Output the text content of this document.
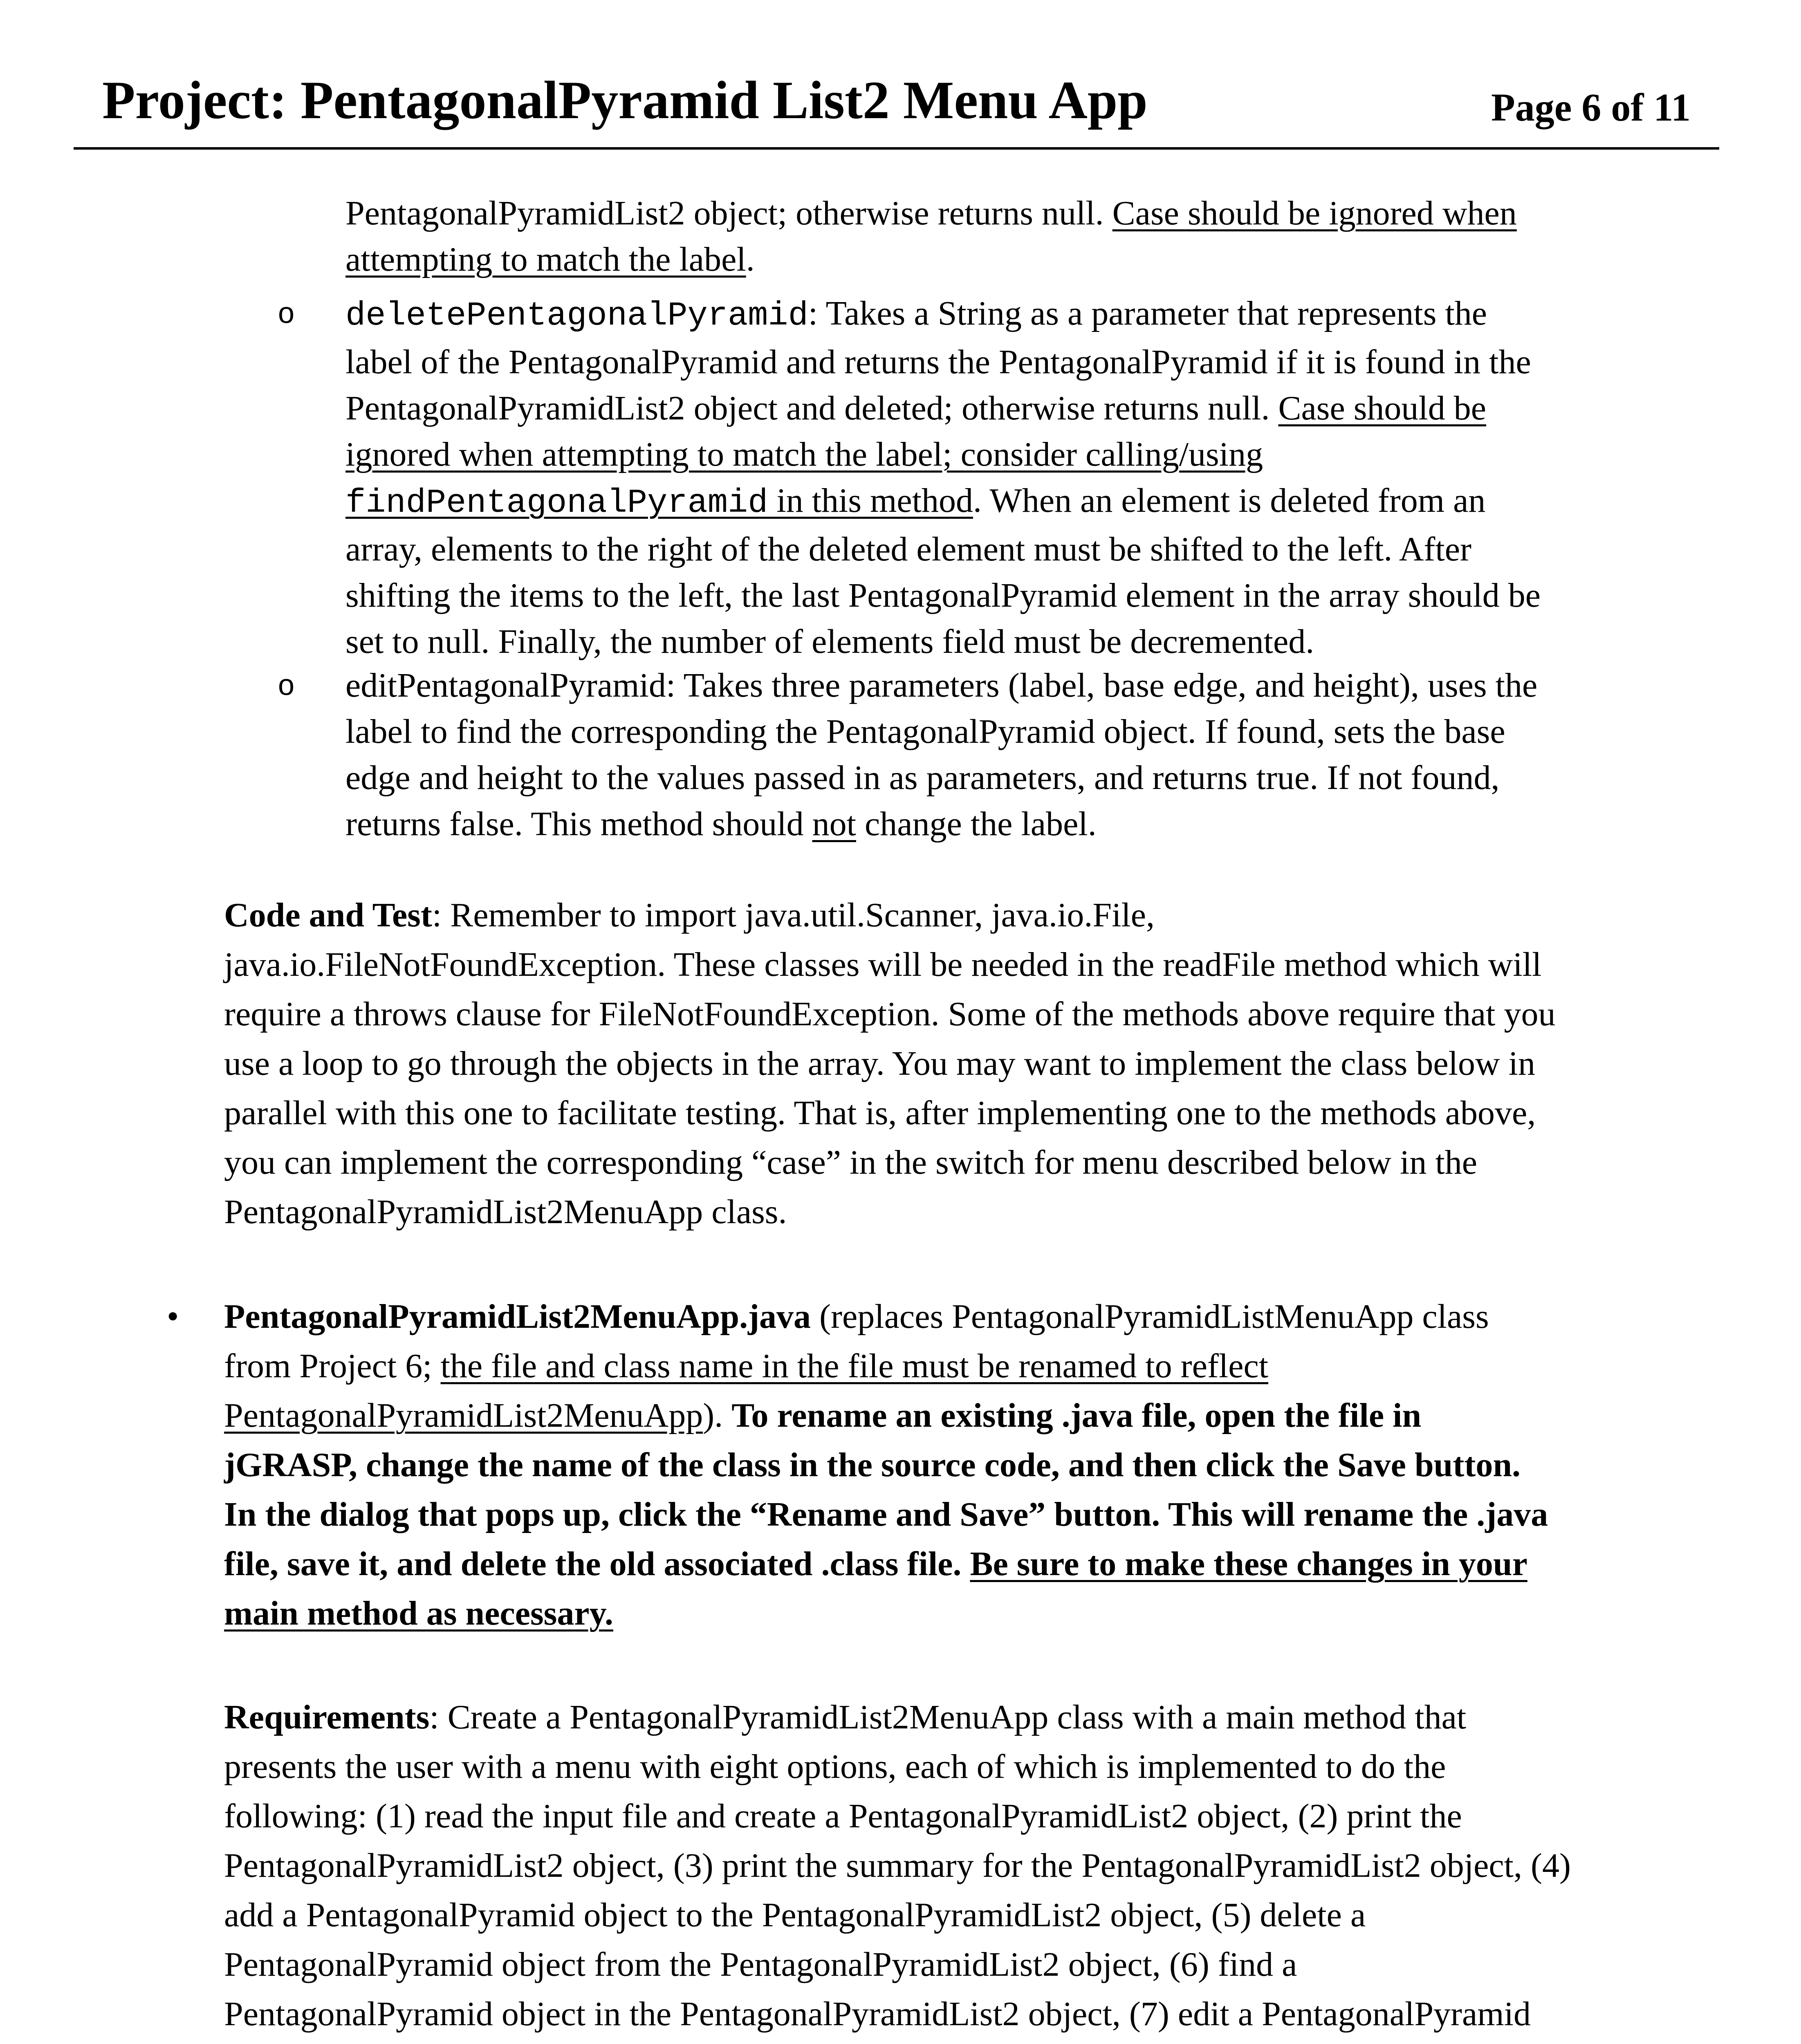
Project: PentagonalPyramid List2 Menu App	Page 6 of 11

PentagonalPyramidList2 object; otherwise returns null. Case should be ignored when

attempting to match the label.

o deletePentagonalPyramid: Takes a String as a parameter that represents the

label of the PentagonalPyramid and returns the PentagonalPyramid if it is found in the

PentagonalPyramidList2 object and deleted; otherwise returns null. Case should be

ignored when attempting to match the label; consider calling/using

findPentagonalPyramid in this method. When an element is deleted from an

array, elements to the right of the deleted element must be shifted to the left. After

shifting the items to the left, the last PentagonalPyramid element in the array should be

set to null. Finally, the number of elements field must be decremented.

o editPentagonalPyramid: Takes three parameters (label, base edge, and height), uses the

label to find the corresponding the PentagonalPyramid object. If found, sets the base

edge and height to the values passed in as parameters, and returns true. If not found,

returns false. This method should not change the label.

Code and Test: Remember to import java.util.Scanner, java.io.File,

java.io.FileNotFoundException. These classes will be needed in the readFile method which will

require a throws clause for FileNotFoundException. Some of the methods above require that you

use a loop to go through the objects in the array. You may want to implement the class below in

parallel with this one to facilitate testing. That is, after implementing one to the methods above,

you can implement the corresponding “case” in the switch for menu described below in the

PentagonalPyramidList2MenuApp class.

• PentagonalPyramidList2MenuApp.java (replaces PentagonalPyramidListMenuApp class

from Project 6; the file and class name in the file must be renamed to reflect

PentagonalPyramidList2MenuApp). To rename an existing .java file, open the file in

jGRASP, change the name of the class in the source code, and then click the Save button.

In the dialog that pops up, click the “Rename and Save” button. This will rename the .java

file, save it, and delete the old associated .class file. Be sure to make these changes in your

main method as necessary.

Requirements: Create a PentagonalPyramidList2MenuApp class with a main method that

presents the user with a menu with eight options, each of which is implemented to do the

following: (1) read the input file and create a PentagonalPyramidList2 object, (2) print the

PentagonalPyramidList2 object, (3) print the summary for the PentagonalPyramidList2 object, (4)

add a PentagonalPyramid object to the PentagonalPyramidList2 object, (5) delete a

PentagonalPyramid object from the PentagonalPyramidList2 object, (6) find a

PentagonalPyramid object in the PentagonalPyramidList2 object, (7) edit a PentagonalPyramid
